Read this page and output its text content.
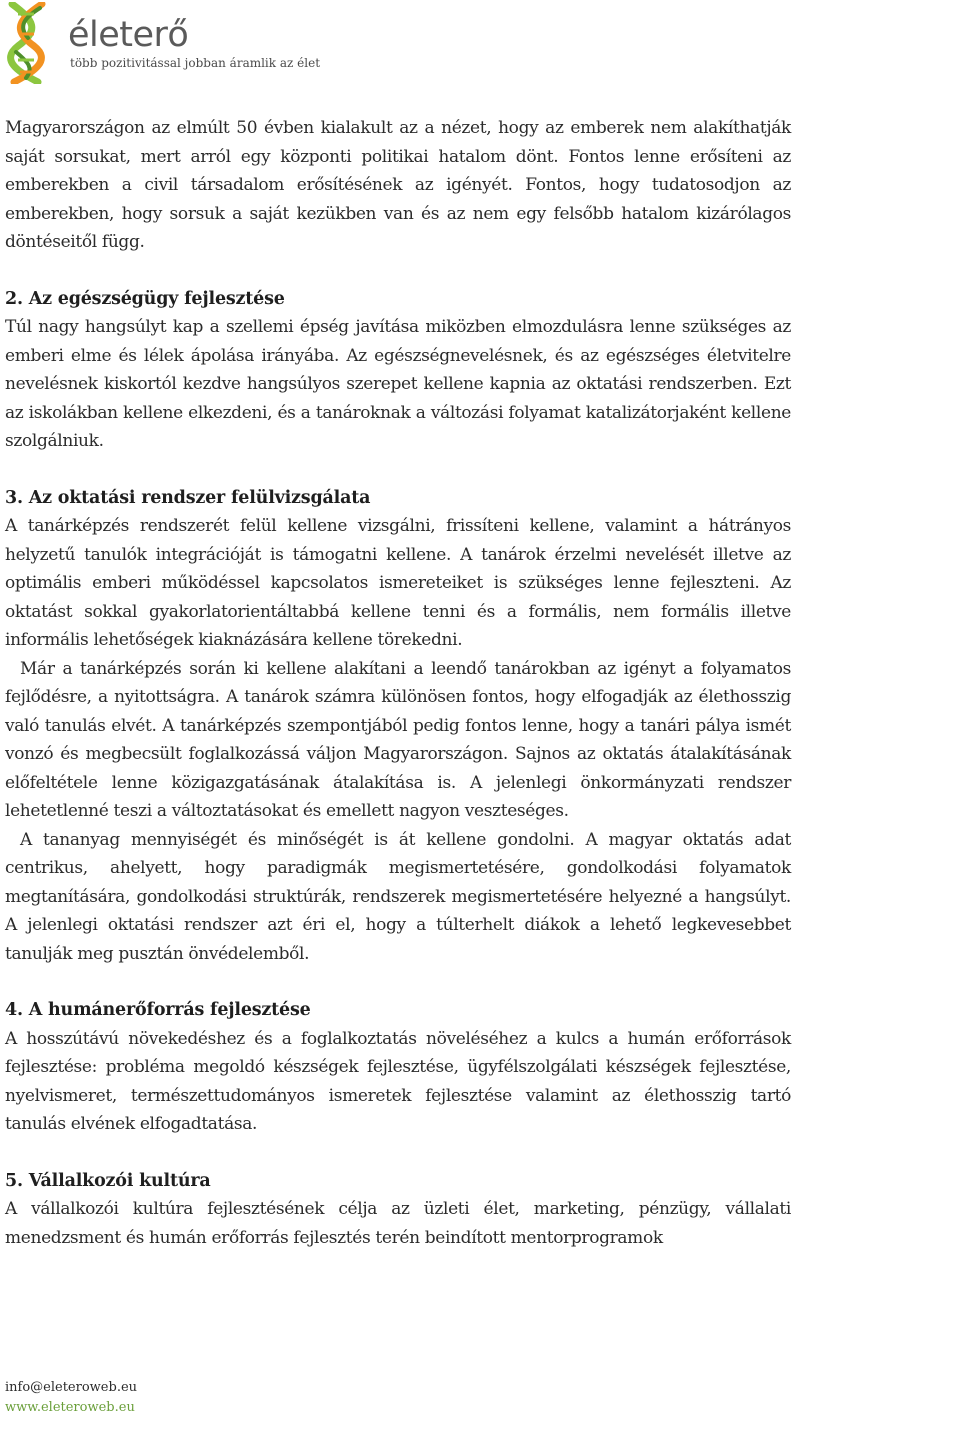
életerő
több pozitivitással jobban áramlik az élet

Magyarországon az elmúlt 50 évben kialakult az a nézet, hogy az emberek nem alakíthatják saját sorsukat, mert arról egy központi politikai hatalom dönt. Fontos lenne erősíteni az emberekben a civil társadalom erősítésének az igényét. Fontos, hogy tudatosodjon az emberekben, hogy sorsuk a saját kezükben van és az nem egy felsőbb hatalom kizárólagos döntéseitől függ.

2. Az egészségügy fejlesztése

Túl nagy hangsúlyt kap a szellemi épség javítása miközben elmozdulásra lenne szükséges az emberi elme és lélek ápolása irányába. Az egészségnevelésnek, és az egészséges életvitelre nevelésnek kiskortól kezdve hangsúlyos szerepet kellene kapnia az oktatási rendszerben. Ezt az iskolákban kellene elkezdeni, és a tanároknak a változási folyamat katalizátorjaként kellene szolgálniuk.

3. Az oktatási rendszer felülvizsgálata

A tanárképzés rendszerét felül kellene vizsgálni, frissíteni kellene, valamint a hátrányos helyzetű tanulók integrációját is támogatni kellene. A tanárok érzelmi nevelését illetve az optimális emberi működéssel kapcsolatos ismereteiket is szükséges lenne fejleszteni. Az oktatást sokkal gyakorlatorientáltabbá kellene tenni és a formális, nem formális illetve informális lehetőségek kiaknázására kellene törekedni.

Már a tanárképzés során ki kellene alakítani a leendő tanárokban az igényt a folyamatos fejlődésre, a nyitottságra. A tanárok számra különösen fontos, hogy elfogadják az élethosszig való tanulás elvét. A tanárképzés szempontjából pedig fontos lenne, hogy a tanári pálya ismét vonzó és megbecsült foglalkozássá váljon Magyarországon. Sajnos az oktatás átalakításának előfeltétele lenne közigazgatásának átalakítása is. A jelenlegi önkormányzati rendszer lehetetlenné teszi a változtatásokat és emellett nagyon veszteséges.

A tananyag mennyiségét és minőségét is át kellene gondolni. A magyar oktatás adat centrikus, ahelyett, hogy paradigmák megismertetésére, gondolkodási folyamatok megtanítására, gondolkodási struktúrák, rendszerek megismertetésére helyezné a hangsúlyt. A jelenlegi oktatási rendszer azt éri el, hogy a túlterhelt diákok a lehető legkevesebbet tanulják meg pusztán önvédelemből.

4. A humánerőforrás fejlesztése

A hosszútávú növekedéshez és a foglalkoztatás növeléséhez a kulcs a humán erőforrások fejlesztése: probléma megoldó készségek fejlesztése, ügyfélszolgálati készségek fejlesztése, nyelvismeret, természettudományos ismeretek fejlesztése valamint az élethosszig tartó tanulás elvének elfogadtatása.

5. Vállalkozói kultúra

A vállalkozói kultúra fejlesztésének célja az üzleti élet, marketing, pénzügy, vállalati menedzsment és humán erőforrás fejlesztés terén beindított mentorprogramok

info@eleteroweb.eu
www.eleteroweb.eu
